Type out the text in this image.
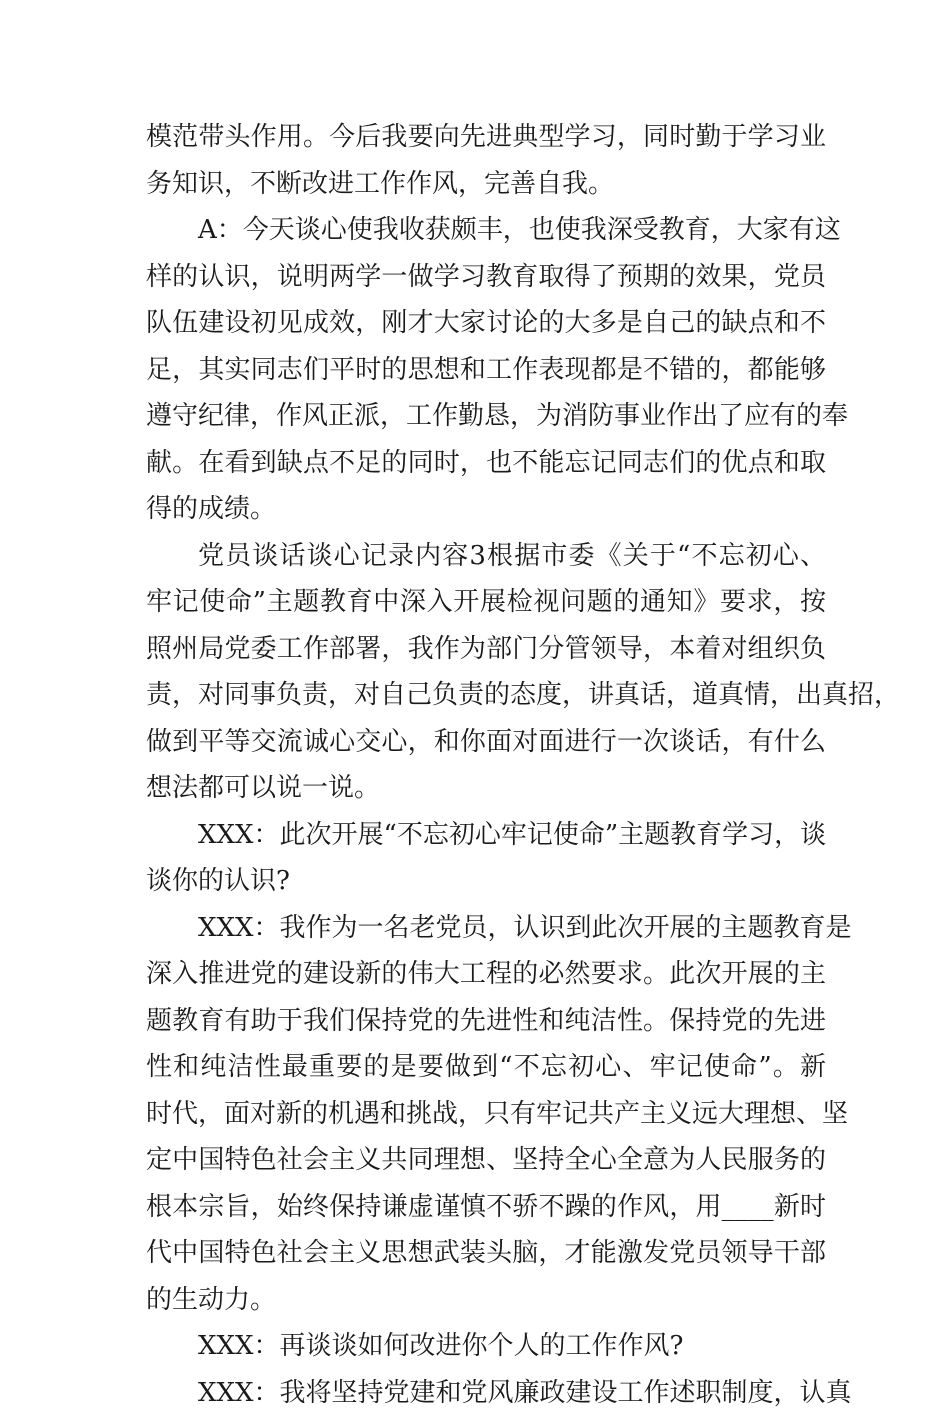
模范带头作用。今后我要向先进典型学习，同时勤于学习业
务知识，不断改进工作作风，完善自我。
A：今天谈心使我收获颇丰，也使我深受教育，大家有这
样的认识，说明两学一做学习教育取得了预期的效果，党员
队伍建设初见成效，刚才大家讨论的大多是自己的缺点和不
足，其实同志们平时的思想和工作表现都是不错的，都能够
遵守纪律，作风正派，工作勤恳，为消防事业作出了应有的奉
献。在看到缺点不足的同时，也不能忘记同志们的优点和取
得的成绩。
党员谈话谈心记录内容3根据市委《关于“不忘初心、
牢记使命”主题教育中深入开展检视问题的通知》要求，按
照州局党委工作部署，我作为部门分管领导，本着对组织负
责，对同事负责，对自己负责的态度，讲真话，道真情，出真招，
做到平等交流诚心交心，和你面对面进行一次谈话，有什么
想法都可以说一说。
XXX：此次开展“不忘初心牢记使命”主题教育学习，谈
谈你的认识?
XXX：我作为一名老党员，认识到此次开展的主题教育是
深入推进党的建设新的伟大工程的必然要求。此次开展的主
题教育有助于我们保持党的先进性和纯洁性。保持党的先进
性和纯洁性最重要的是要做到“不忘初心、牢记使命”。新
时代，面对新的机遇和挑战，只有牢记共产主义远大理想、坚
定中国特色社会主义共同理想、坚持全心全意为人民服务的
根本宗旨，始终保持谦虚谨慎不骄不躁的作风，用____新时
代中国特色社会主义思想武装头脑，才能激发党员领导干部
的生动力。
XXX：再谈谈如何改进你个人的工作作风?
XXX：我将坚持党建和党风廉政建设工作述职制度，认真
